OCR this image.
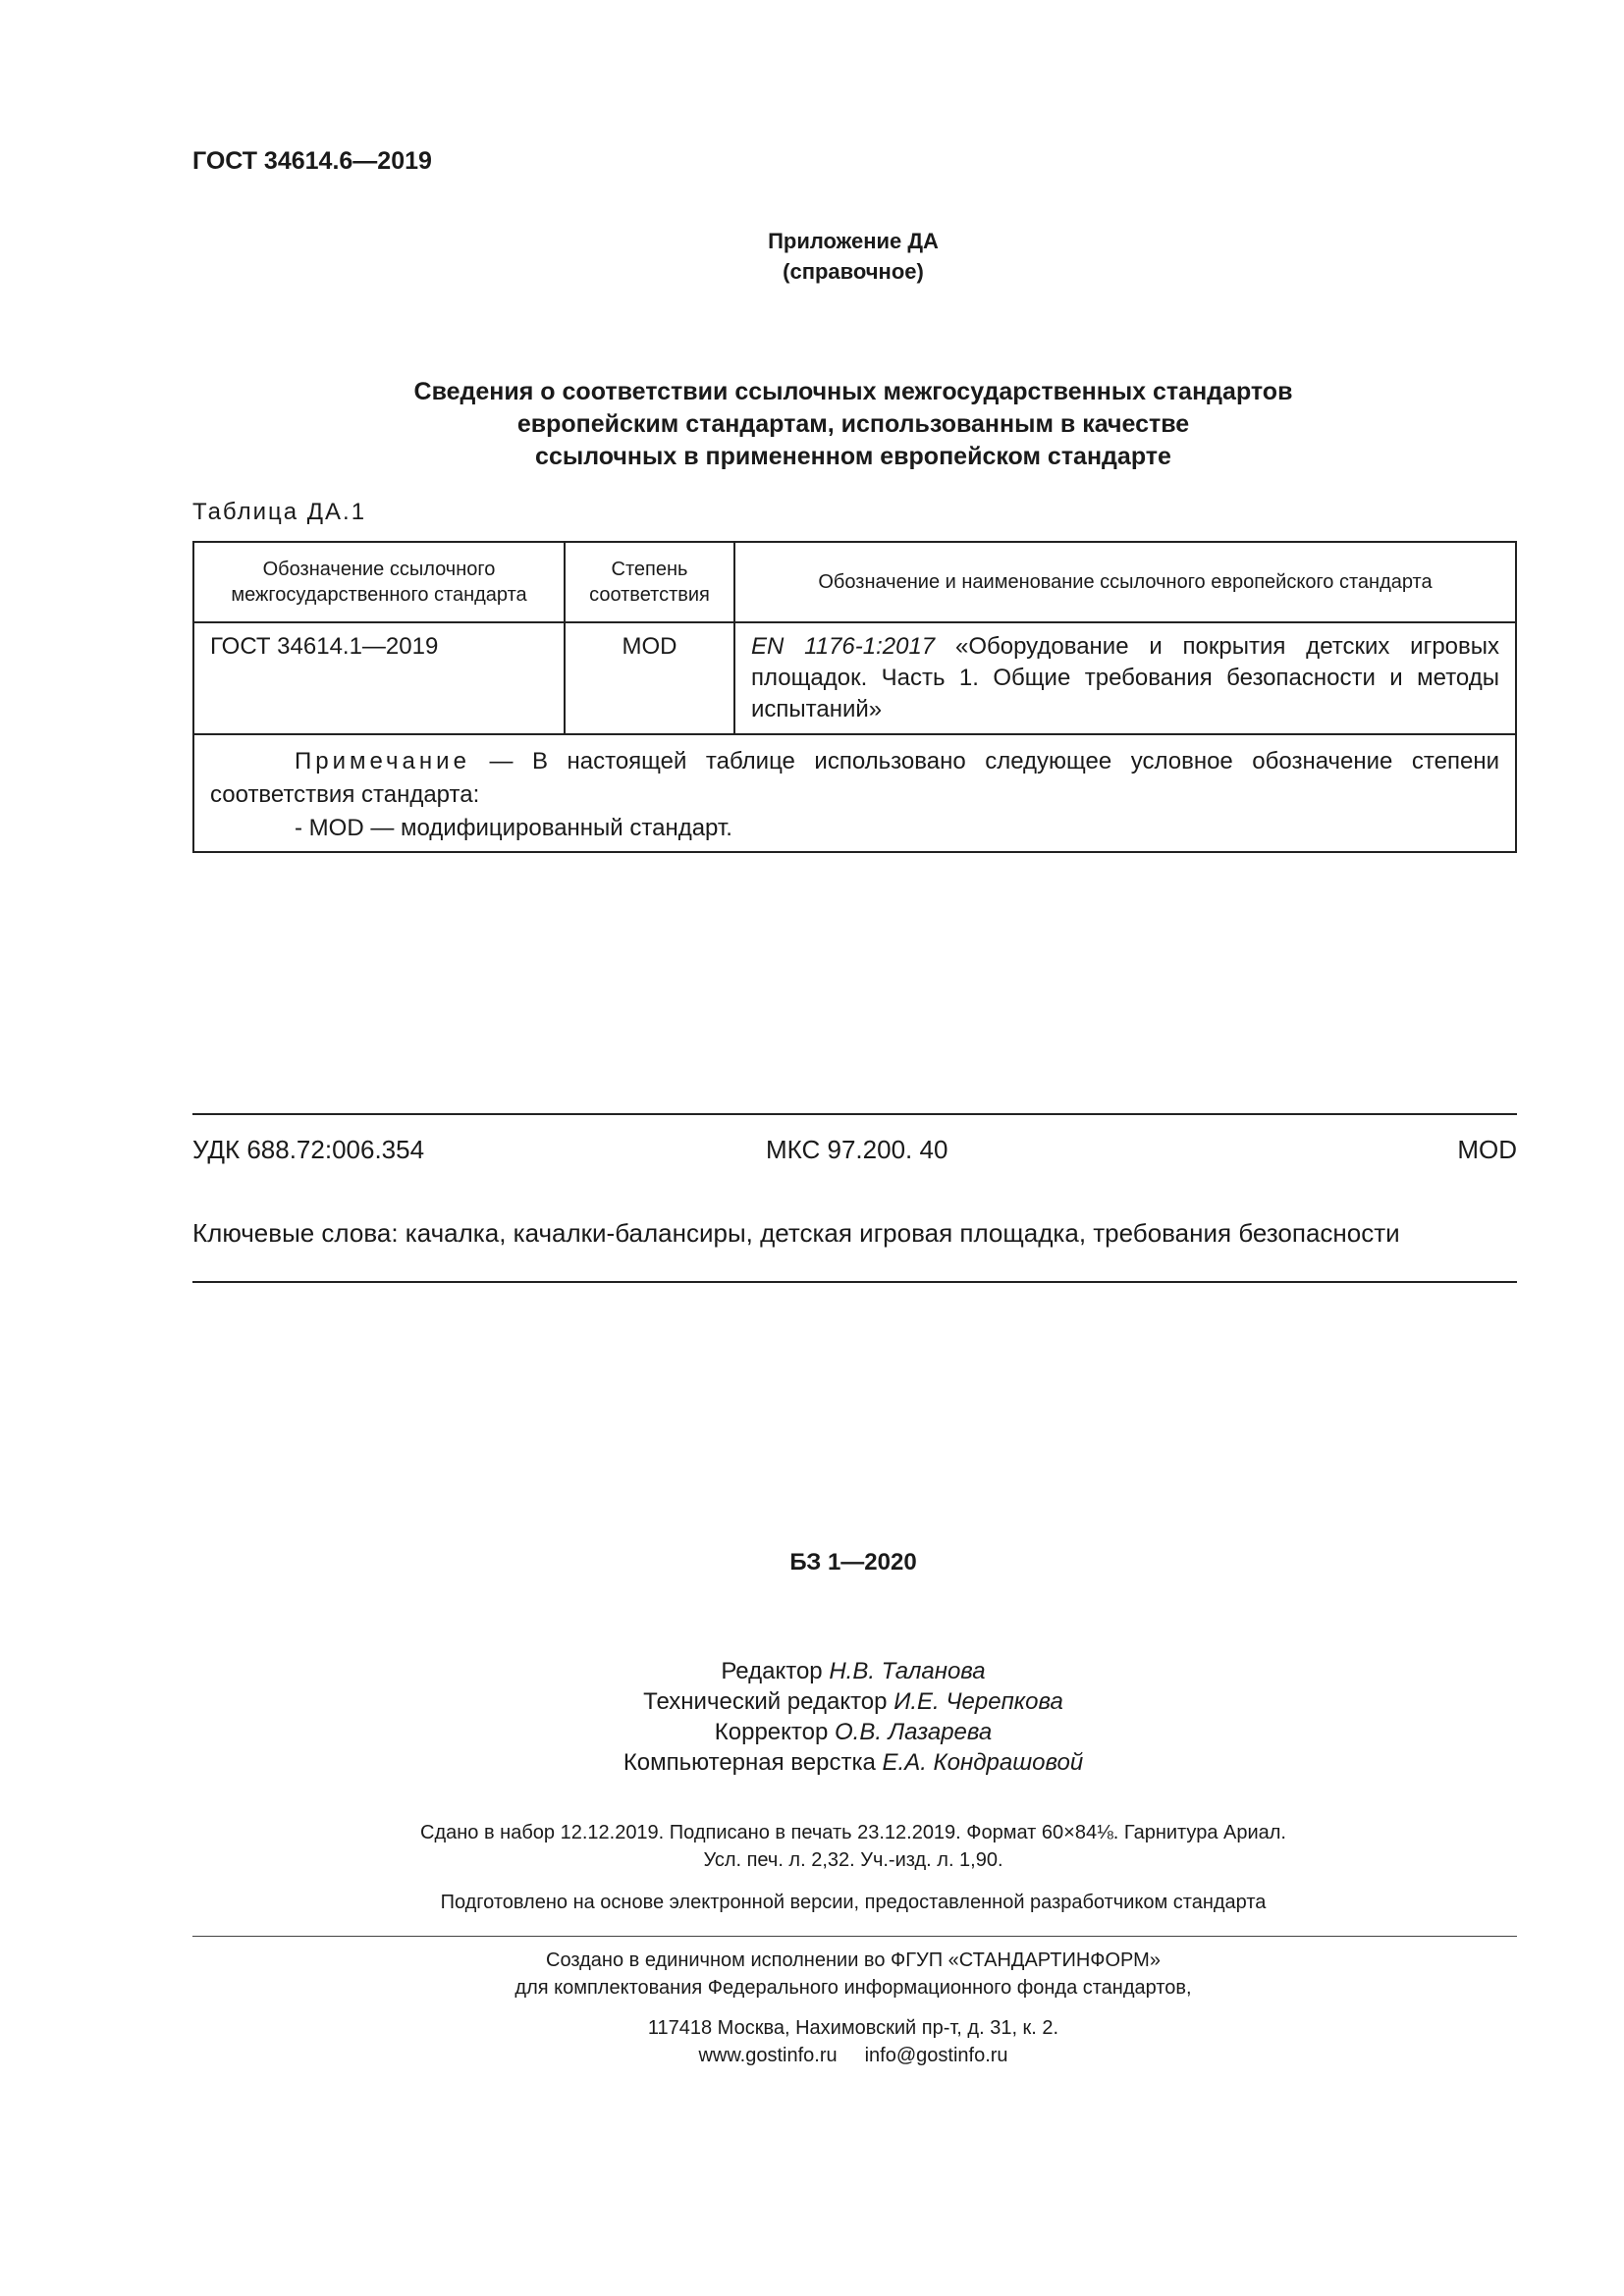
ГОСТ 34614.6—2019
Приложение ДА
(справочное)
Сведения о соответствии ссылочных межгосударственных стандартов
европейским стандартам, использованным в качестве
ссылочных в примененном европейском стандарте
Таблица ДА.1
Обозначение ссылочного межгосударственного стандарта	Степень соответствия	Обозначение и наименование ссылочного европейского стандарта
ГОСТ 34614.1—2019	MOD	EN 1176-1:2017 «Оборудование и покрытия детских игровых площадок. Часть 1. Общие требования безопасности и методы испытаний»

Примечание — В настоящей таблице использовано следующее условное обозначение степени соответствия стандарта:
- MOD — модифицированный стандарт.		
УДК 688.72:006.354	МКС 97.200. 40	MOD
Ключевые слова: качалка, качалки-балансиры, детская игровая площадка, требования безопасности
БЗ 1—2020
Редактор Н.В. Таланова
Технический редактор И.Е. Черепкова
Корректор О.В. Лазарева
Компьютерная верстка Е.А. Кондрашовой
Сдано в набор 12.12.2019. Подписано в печать 23.12.2019. Формат 60×84⅛. Гарнитура Ариал.
Усл. печ. л. 2,32. Уч.-изд. л. 1,90.
Подготовлено на основе электронной версии, предоставленной разработчиком стандарта
Создано в единичном исполнении во ФГУП «СТАНДАРТИНФОРМ»
для комплектования Федерального информационного фонда стандартов,
117418 Москва, Нахимовский пр-т, д. 31, к. 2.
www.gostinfo.ru info@gostinfo.ru
